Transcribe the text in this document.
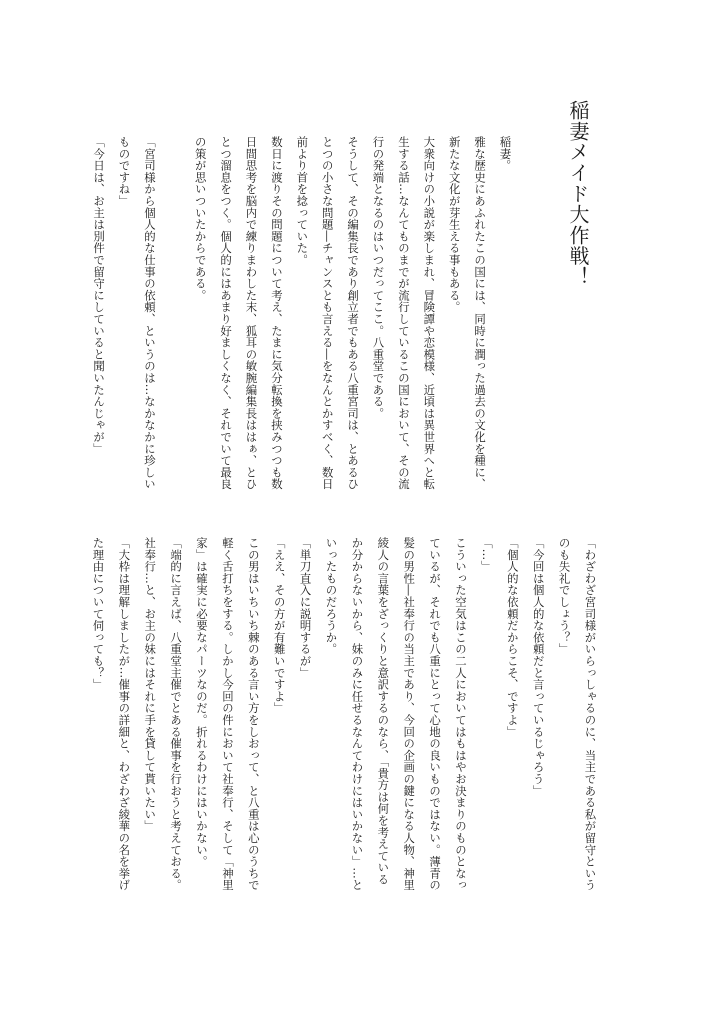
稲妻メイド大作戦！
稲妻。
雅な歴史にあふれたこの国には、同時に潤った過去の文化を種に、
新たな文化が芽生える事もある。
大衆向けの小説が楽しまれ、冒険譚や恋模様、近頃は異世界へと転
生する話…なんてものまでが流行しているこの国において、その流
行の発端となるのはいつだってここ。八重堂である。
そうして、その編集長であり創立者でもある八重宮司は、とあるひ
とつの小さな問題―チャンスとも言える―をなんとかすべく、数日
前より首を捻っていた。
数日に渡りその問題について考え、たまに気分転換を挟みつつも数
日間思考を脳内で練りまわした末、狐耳の敏腕編集長ははぁ、とひ
とつ溜息をつく。個人的にはあまり好ましくなく、それでいて最良
の策が思いついたからである。
「宮司様から個人的な仕事の依頼、というのは…なかなかに珍しい
ものですね」
「今日は、お主は別件で留守にしていると聞いたんじゃが」
「わざわざ宮司様がいらっしゃるのに、当主である私が留守という
のも失礼でしょう？」
「今回は個人的な依頼だと言っているじゃろう」
「個人的な依頼だからこそ、ですよ」
「…」
こういった空気はこの二人においてはもはやお決まりのものとなっ
ているが、それでも八重にとって心地の良いものではない。薄青の
髪の男性―社奉行の当主であり、今回の企画の鍵になる人物、神里
綾人の言葉をざっくりと意訳するのなら、「貴方は何を考えている
か分からないから、妹のみに任せるなんてわけにはいかない」…と
いったものだろうか。
「単刀直入に説明するが」
「ええ、その方が有難いですよ」
この男はいちいち棘のある言い方をしおって、と八重は心のうちで
軽く舌打ちをする。しかし今回の件において社奉行、そして「神里
家」は確実に必要なパーツなのだ。折れるわけにはいかない。
「端的に言えば、八重堂主催でとある催事を行おうと考えておる。
社奉行…と、お主の妹にはそれに手を貸して貰いたい」
「大枠は理解しましたが…催事の詳細と、わざわざ綾華の名を挙げ
た理由について伺っても？」
